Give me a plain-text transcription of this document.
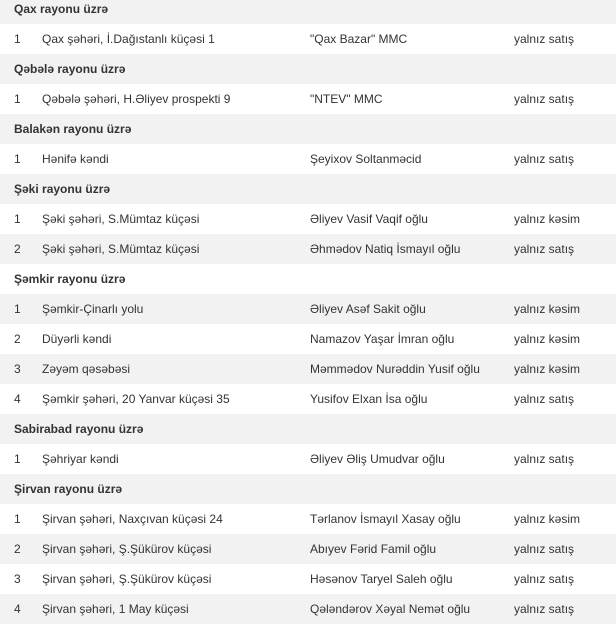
Qax rayonu üzrə			
1	Qax şəhəri, İ.Dağıstanlı küçəsi 1	"Qax Bazar" MMC	yalnız satış
Qəbələ rayonu üzrə			
1	Qəbələ şəhəri, H.Əliyev prospekti 9	"NTEV" MMC	yalnız satış
Balakən rayonu üzrə			
1	Hənifə kəndi	Şeyixov Soltanməcid	yalnız satış
Şəki rayonu üzrə			
1	Şəki şəhəri, S.Mümtaz küçəsi	Əliyev Vasif Vaqif oğlu	yalnız kəsim
2	Şəki şəhəri, S.Mümtaz küçəsi	Əhmədov Natiq İsmayıl oğlu	yalnız satış
Şəmkir rayonu üzrə			
1	Şəmkir-Çinarlı yolu	Əliyev Asəf Sakit oğlu	yalnız kəsim
2	Düyərli kəndi	Namazov Yaşar İmran oğlu	yalnız kəsim
3	Zəyəm qəsəbəsi	Məmmədov Nurəddin Yusif oğlu	yalnız kəsim
4	Şəmkir şəhəri, 20 Yanvar küçəsi 35	Yusifov Elxan İsa oğlu	yalnız satış
Sabirabad rayonu üzrə			
1	Şəhriyar kəndi	Əliyev Əliş Umudvar oğlu	yalnız satış
Şirvan rayonu üzrə			
1	Şirvan şəhəri, Naxçıvan küçəsi 24	Tərlanov İsmayıl Xasay oğlu	yalnız kəsim
2	Şirvan şəhəri, Ş.Şükürov küçəsi	Abıyev Fərid Famil oğlu	yalnız satış
3	Şirvan şəhəri, Ş.Şükürov küçəsi	Həsənov Taryel Saleh oğlu	yalnız satış
4	Şirvan şəhəri, 1 May küçəsi	Qələndərov Xəyal Nemət oğlu	yalnız satış
